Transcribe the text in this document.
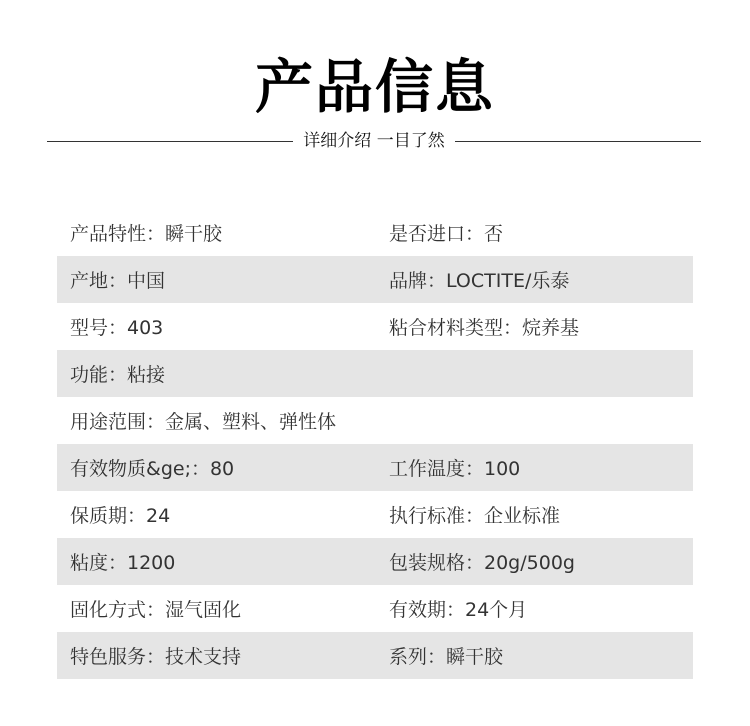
产品信息
详细介绍 一目了然
产品特性：瞬干胶	是否进口：否
产地：中国	品牌：LOCTITE/乐泰
型号：403	粘合材料类型：烷养基
功能：粘接
用途范围：金属、塑料、弹性体
有效物质&ge;：80	工作温度：100
保质期：24	执行标准：企业标准
粘度：1200	包装规格：20g/500g
固化方式：湿气固化	有效期：24个月
特色服务：技术支持	系列：瞬干胶
